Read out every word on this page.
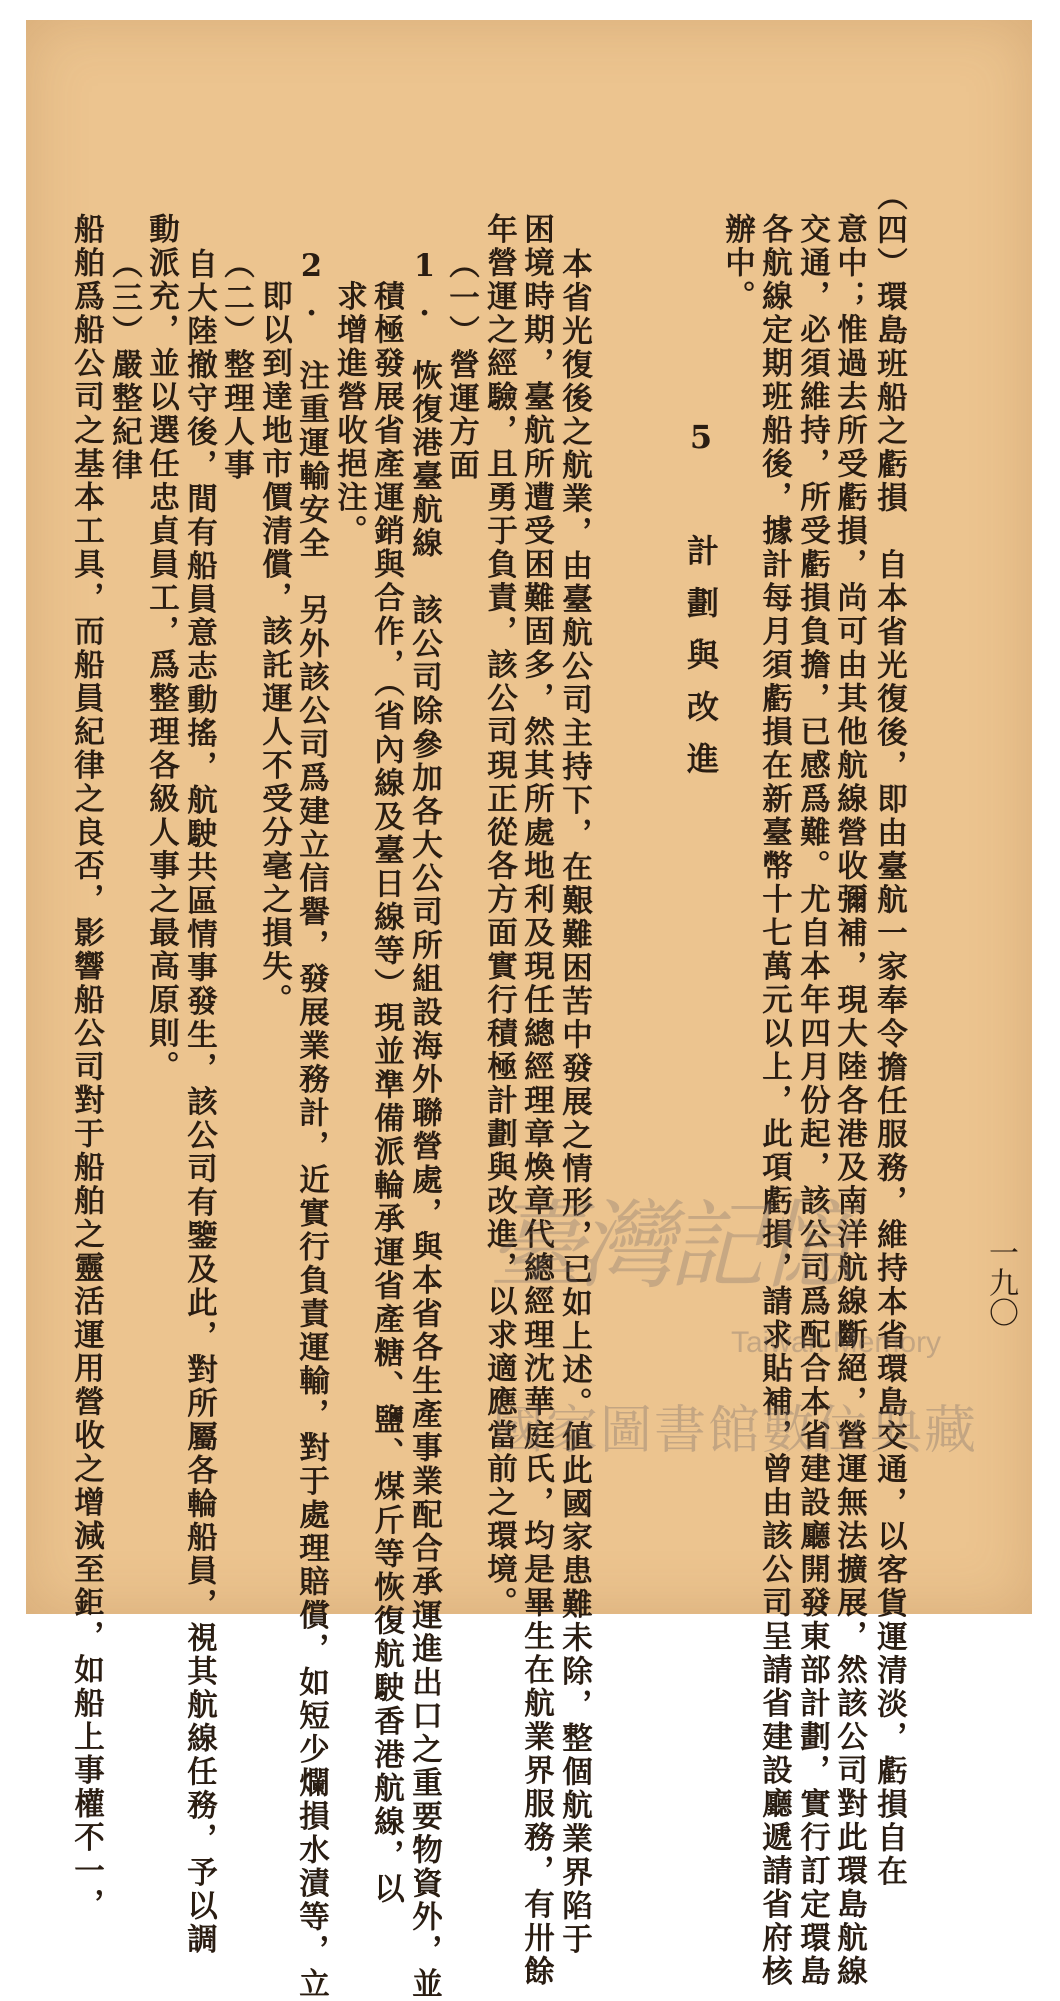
一九〇
（四）環島班船之虧損　自本省光復後，即由臺航一家奉令擔任服務，維持本省環島交通，以客貨運清淡，虧損自在
意中；惟過去所受虧損，尚可由其他航線營收彌補，現大陸各港及南洋航線斷絕，營運無法擴展，然該公司對此環島航線
交通，必須維持，所受虧損負擔，已感爲難。尤自本年四月份起，該公司爲配合本省建設廳開發東部計劃，實行訂定環島
各航線定期班船後，據計每月須虧損在新臺幣十七萬元以上，此項虧損，請求貼補，曾由該公司呈請省建設廳遞請省府核
辦中。
5 計劃與改進
本省光復後之航業，由臺航公司主持下，在艱難困苦中發展之情形，已如上述。値此國家患難未除，整個航業界陷于
困境時期，臺航所遭受困難固多，然其所處地利及現任總經理章煥章代總經理沈華庭氏，均是畢生在航業界服務，有卅餘
年營運之經驗，且勇于負責，該公司現正從各方面實行積極計劃與改進，以求適應當前之環境。
（一）營運方面
1.　恢復港臺航線　該公司除參加各大公司所組設海外聯營處，與本省各生產事業配合承運進出口之重要物資外，並
積極發展省產運銷與合作，（省內線及臺日線等）現並準備派輪承運省產糖、鹽、煤斤等恢復航駛香港航線，以
求增進營收挹注。
2.　注重運輸安全　另外該公司爲建立信譽，發展業務計，近實行負責運輸，對于處理賠償，如短少爛損水漬等，立
即以到達地市價清償，該託運人不受分毫之損失。
（二）整理人事
自大陸撤守後，間有船員意志動搖，航駛共區情事發生，該公司有鑒及此，對所屬各輪船員，視其航線任務，予以調
動派充，並以選任忠貞員工，爲整理各級人事之最高原則。
（三）嚴整紀律
船舶爲船公司之基本工具，而船員紀律之良否，影響船公司對于船舶之靈活運用營收之增減至鉅，如船上事權不一，	臺灣記憶
Taiwan Memory
國家圖書館數位典藏
